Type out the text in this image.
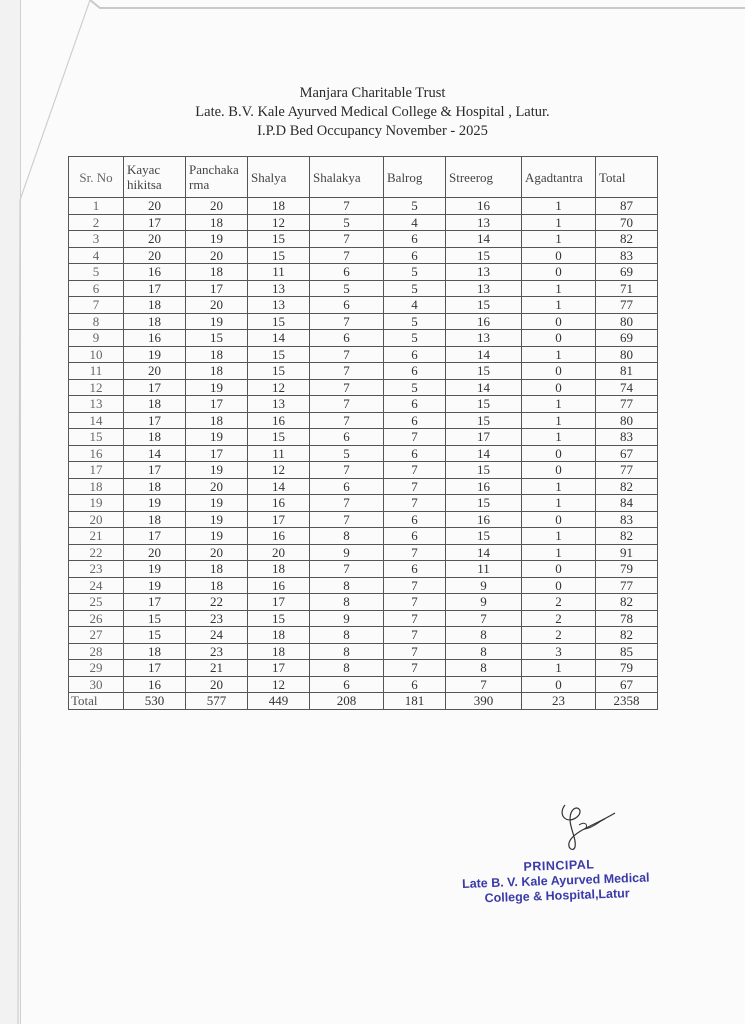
Manjara Charitable Trust
Late. B.V. Kale Ayurved Medical College & Hospital , Latur.
I.P.D Bed Occupancy November - 2025
Sr. No	Kayac hikitsa	Panchaka rma	Shalya	Shalakya	Balrog	Streerog	Agadtantra	Total
1	20	20	18	7	5	16	1	87
2	17	18	12	5	4	13	1	70
3	20	19	15	7	6	14	1	82
4	20	20	15	7	6	15	0	83
5	16	18	11	6	5	13	0	69
6	17	17	13	5	5	13	1	71
7	18	20	13	6	4	15	1	77
8	18	19	15	7	5	16	0	80
9	16	15	14	6	5	13	0	69
10	19	18	15	7	6	14	1	80
11	20	18	15	7	6	15	0	81
12	17	19	12	7	5	14	0	74
13	18	17	13	7	6	15	1	77
14	17	18	16	7	6	15	1	80
15	18	19	15	6	7	17	1	83
16	14	17	11	5	6	14	0	67
17	17	19	12	7	7	15	0	77
18	18	20	14	6	7	16	1	82
19	19	19	16	7	7	15	1	84
20	18	19	17	7	6	16	0	83
21	17	19	16	8	6	15	1	82
22	20	20	20	9	7	14	1	91
23	19	18	18	7	6	11	0	79
24	19	18	16	8	7	9	0	77
25	17	22	17	8	7	9	2	82
26	15	23	15	9	7	7	2	78
27	15	24	18	8	7	8	2	82
28	18	23	18	8	7	8	3	85
29	17	21	17	8	7	8	1	79
30	16	20	12	6	6	7	0	67
Total	530	577	449	208	181	390	23	2358
PRINCIPAL
Late B. V. Kale Ayurved Medical
College & Hospital,Latur
